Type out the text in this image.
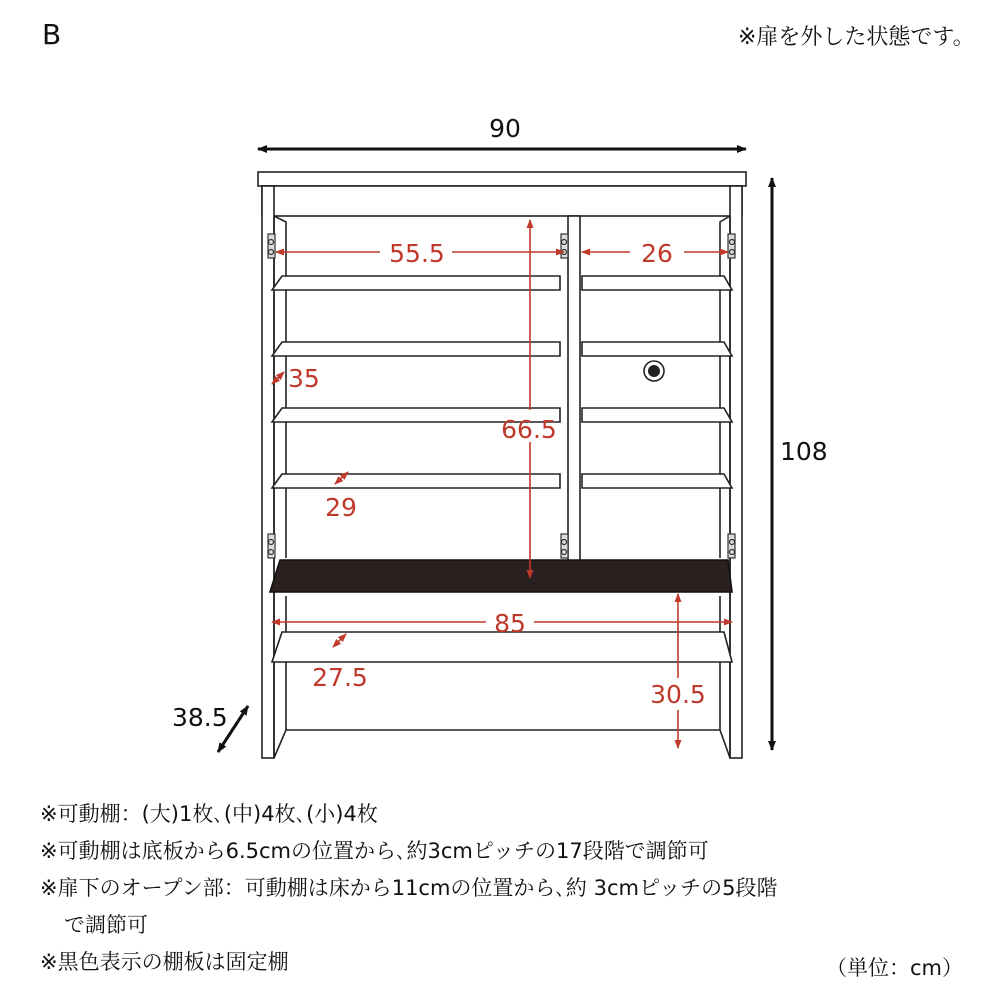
B	※扉を外した状態です。
90
108
38.5
55.5	26
66.5
35
29
85
27.5
30.5
※可動棚：(大)1枚､(中)4枚､(小)4枚
※可動棚は底板から6.5cmの位置から､約3cmピッチの17段階で調節可
※扉下のオープン部：可動棚は床から11cmの位置から､約 3cmピッチの5段階
で調節可
※黒色表示の棚板は固定棚	（単位：cm）
